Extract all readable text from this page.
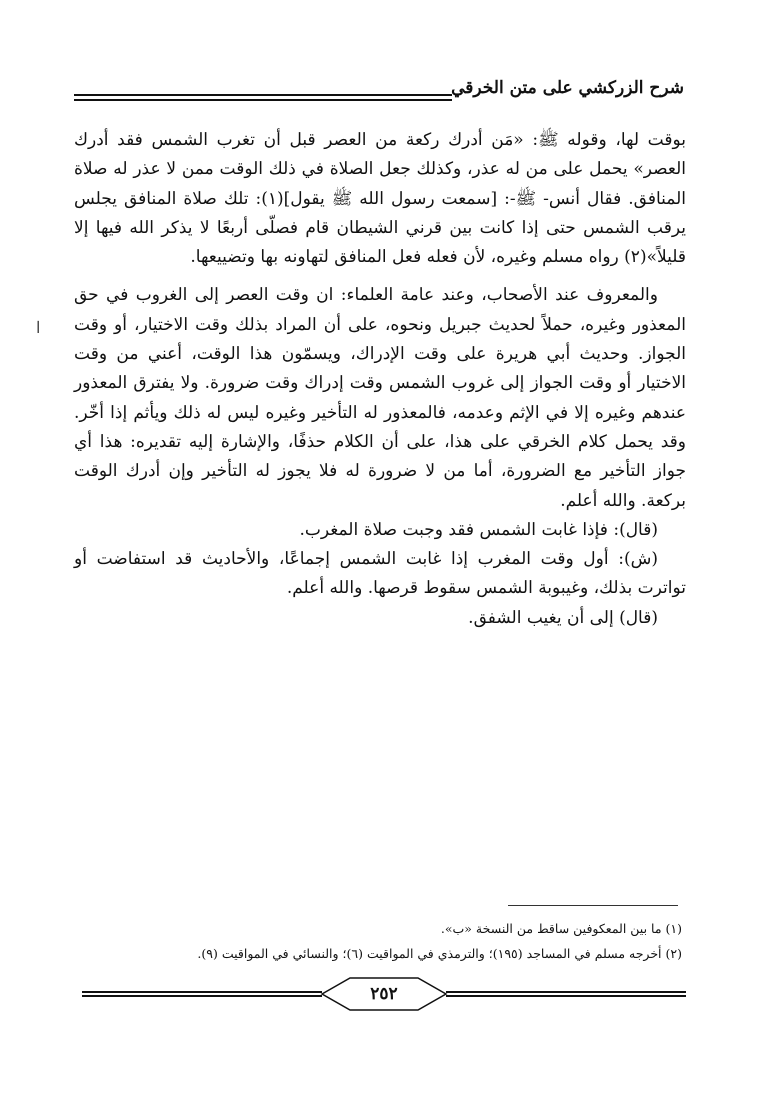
شرح الزركشي على متن الخرقي
ا

بوقت لها، وقوله ﷺ: «مَن أدرك ركعة من العصر قبل أن تغرب الشمس فقد أدرك العصر» يحمل على من له عذر، وكذلك جعل الصلاة في ذلك الوقت ممن لا عذر له صلاة المنافق. فقال أنس- ﷺ-: [سمعت رسول الله ﷺ يقول](١): تلك صلاة المنافق يجلس يرقب الشمس حتى إذا كانت بين قرني الشيطان قام فصلّى أربعًا لا يذكر الله فيها إلا قليلاً»(٢) رواه مسلم وغيره، لأن فعله فعل المنافق لتهاونه بها وتضييعها.

والمعروف عند الأصحاب، وعند عامة العلماء: ان وقت العصر إلى الغروب في حق المعذور وغيره، حملاً لحديث جبريل ونحوه، على أن المراد بذلك وقت الاختيار، أو وقت الجواز. وحديث أبي هريرة على وقت الإدراك، ويسمّون هذا الوقت، أعني من وقت الاختيار أو وقت الجواز إلى غروب الشمس وقت إدراك وقت ضرورة. ولا يفترق المعذور عندهم وغيره إلا في الإثم وعدمه، فالمعذور له التأخير وغيره ليس له ذلك ويأثم إذا أخّر. وقد يحمل كلام الخرقي على هذا، على أن الكلام حذفًا، والإشارة إليه تقديره: هذا أي جواز التأخير مع الضرورة، أما من لا ضرورة له فلا يجوز له التأخير وإن أدرك الوقت بركعة. والله أعلم.

(قال): فإذا غابت الشمس فقد وجبت صلاة المغرب.

(ش): أول وقت المغرب إذا غابت الشمس إجماعًا، والأحاديث قد استفاضت أو تواترت بذلك، وغيبوبة الشمس سقوط قرصها. والله أعلم.

(قال) إلى أن يغيب الشفق.

(١) ما بين المعكوفين ساقط من النسخة «ب».

(٢) أخرجه مسلم في المساجد (١٩٥)؛ والترمذي في المواقيت (٦)؛ والنسائي في المواقيت (٩).

٢٥٢
